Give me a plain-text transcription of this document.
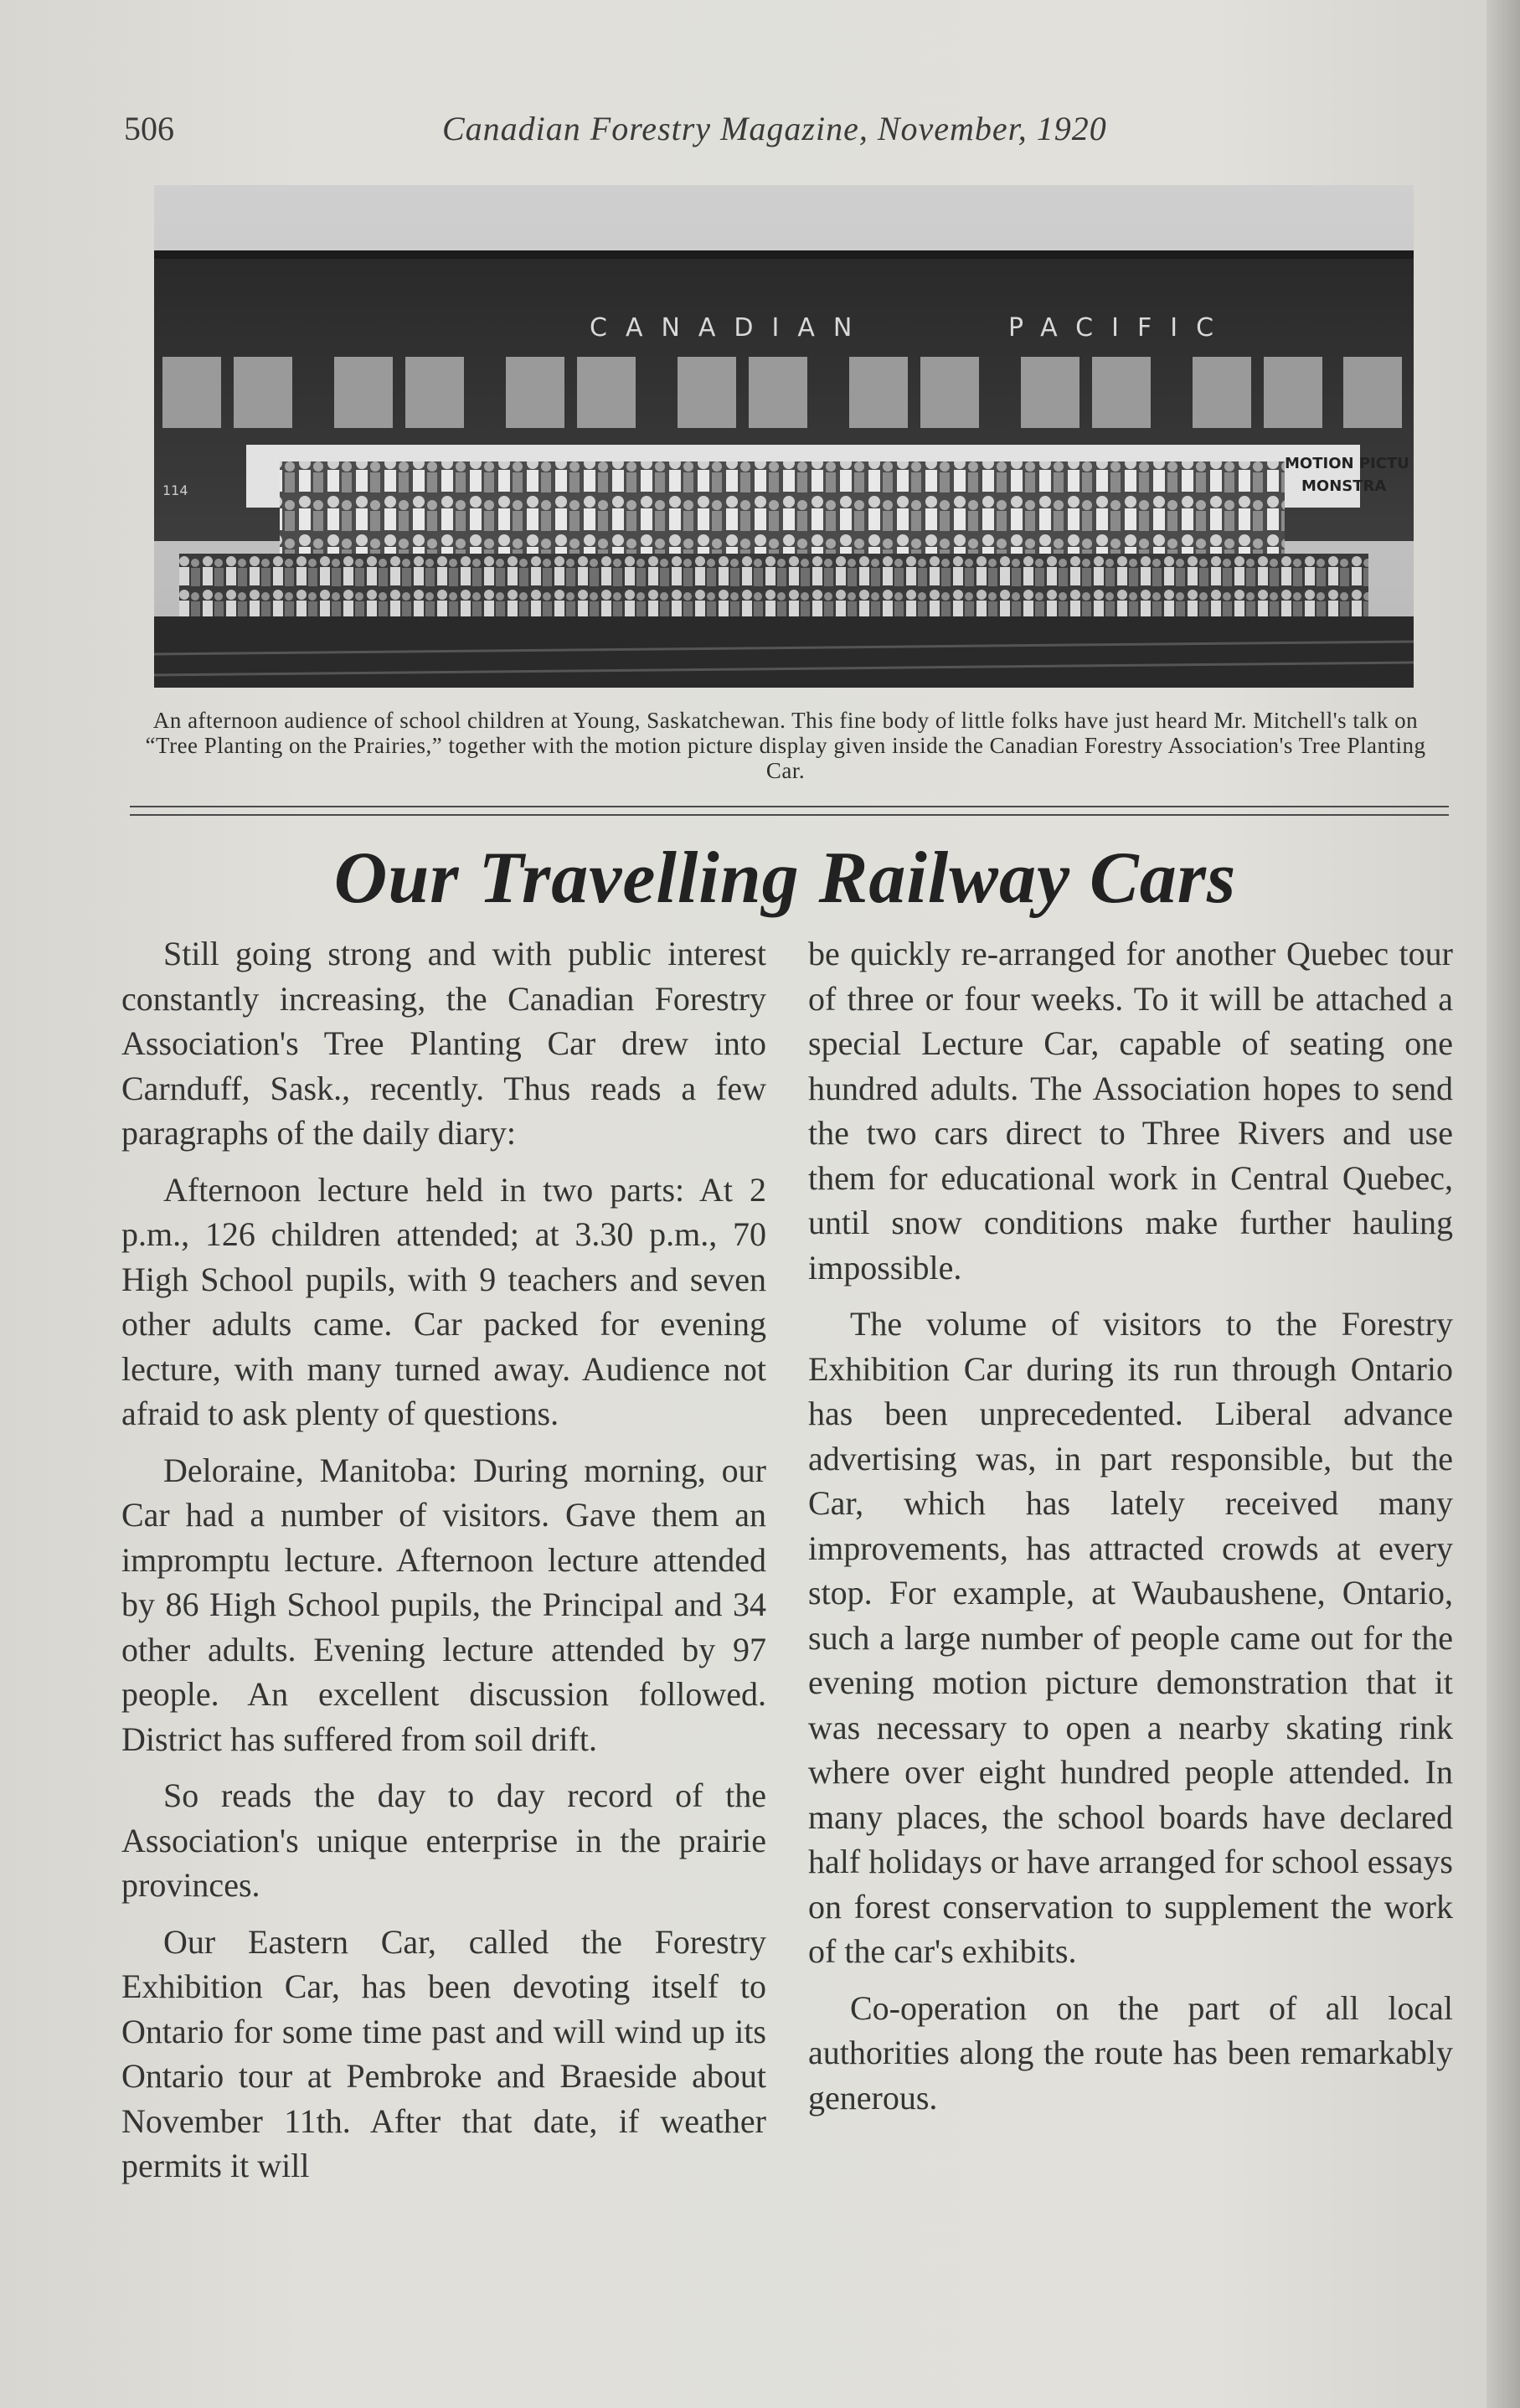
506	Canadian Forestry Magazine, November, 1920
CANADIAN	PACIFIC
114
MOTION PICTU
MONSTRA
An afternoon audience of school children at Young, Saskatchewan. This fine body of little folks have just heard Mr. Mitchell's talk on “Tree Planting on the Prairies,” together with the motion picture display given inside the Canadian Forestry Association's Tree Planting Car.
Our Travelling Railway Cars

Still going strong and with public interest constantly increasing, the Canadian Forestry Association's Tree Planting Car drew into Carnduff, Sask., recently. Thus reads a few paragraphs of the daily diary:

Afternoon lecture held in two parts: At 2 p.m., 126 children attended; at 3.30 p.m., 70 High School pupils, with 9 teachers and seven other adults came. Car packed for evening lecture, with many turned away. Audience not afraid to ask plenty of questions.

Deloraine, Manitoba: During morning, our Car had a number of visitors. Gave them an impromptu lecture. Afternoon lecture attended by 86 High School pupils, the Principal and 34 other adults. Evening lecture attended by 97 people. An excellent discussion followed. District has suffered from soil drift.

So reads the day to day record of the Association's unique enterprise in the prairie provinces.

Our Eastern Car, called the Forestry Exhibition Car, has been devoting itself to Ontario for some time past and will wind up its Ontario tour at Pembroke and Braeside about November 11th. After that date, if weather permits it will

be quickly re-arranged for another Quebec tour of three or four weeks. To it will be attached a special Lecture Car, capable of seating one hundred adults. The Association hopes to send the two cars direct to Three Rivers and use them for educational work in Central Quebec, until snow conditions make further hauling impossible.

The volume of visitors to the Forestry Exhibition Car during its run through Ontario has been unprecedented. Liberal advance advertising was, in part responsible, but the Car, which has lately received many improvements, has attracted crowds at every stop. For example, at Waubaushene, Ontario, such a large number of people came out for the evening motion picture demonstration that it was necessary to open a nearby skating rink where over eight hundred people attended. In many places, the school boards have declared half holidays or have arranged for school essays on forest conservation to supplement the work of the car's exhibits.

Co-operation on the part of all local authorities along the route has been remarkably generous.
